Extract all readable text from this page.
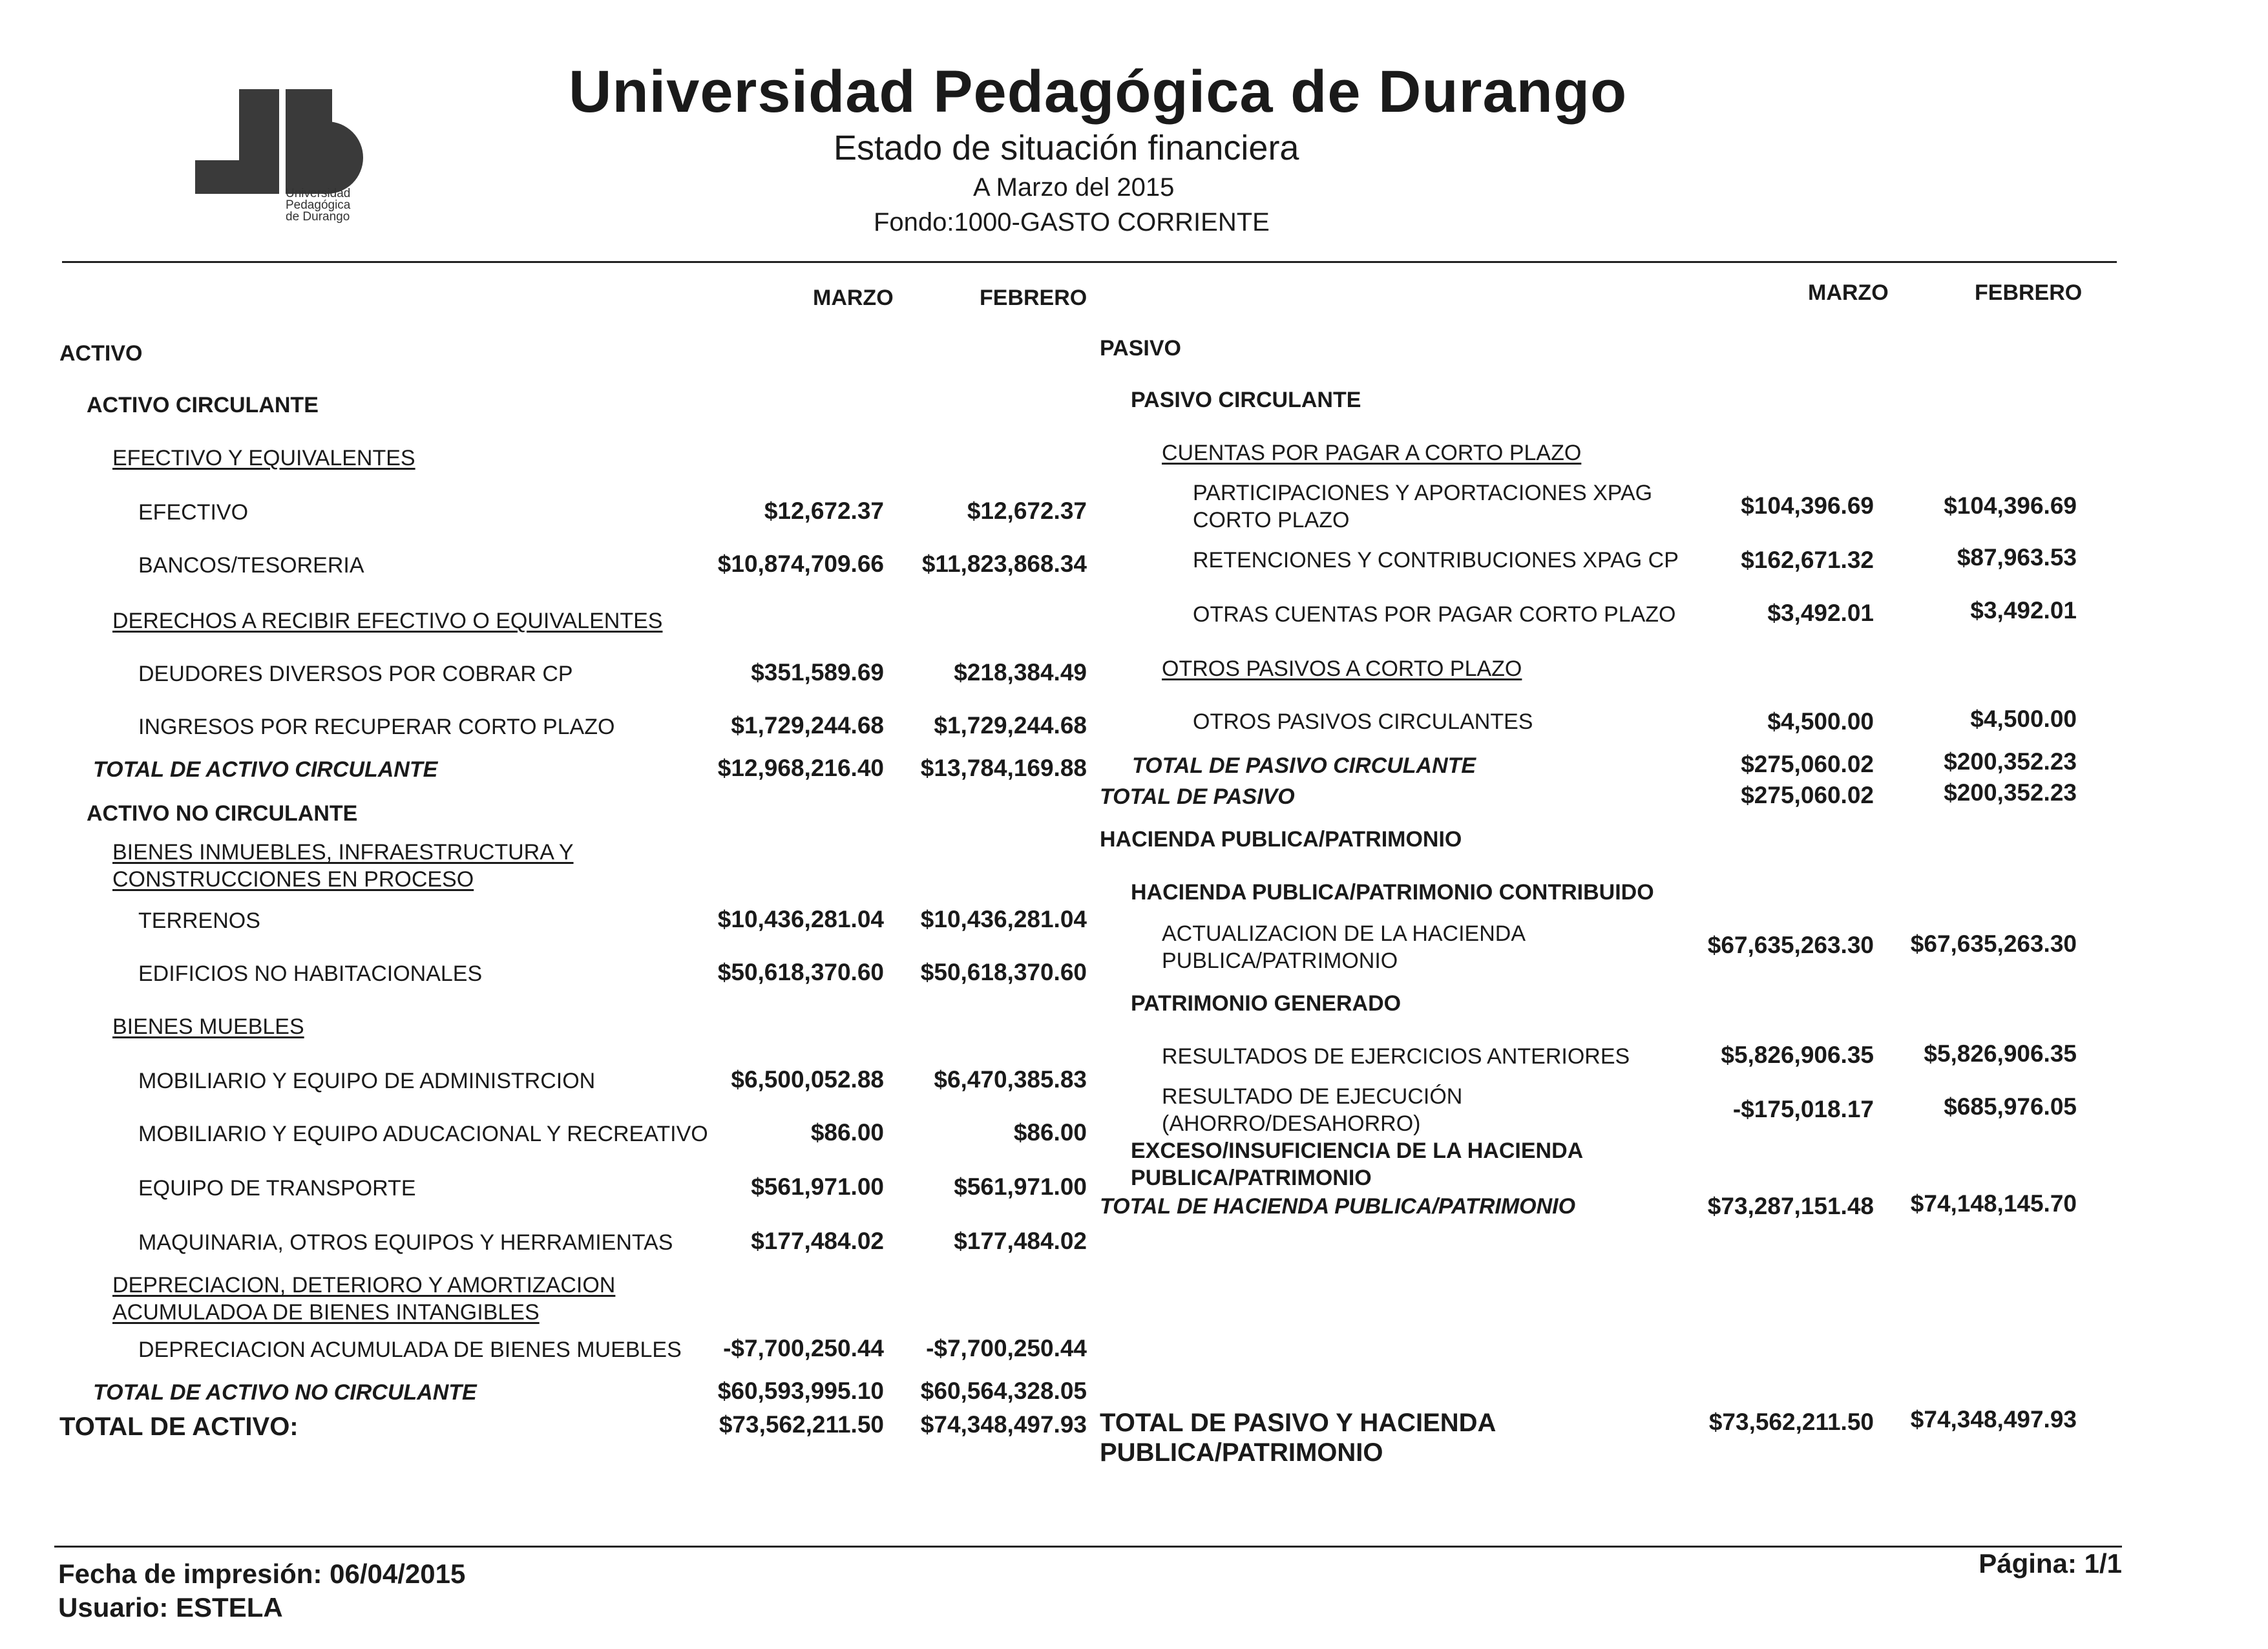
Universidad
Pedagógica
de Durango
Universidad Pedagógica de Durango
Estado de situación financiera
A Marzo del 2015
Fondo:1000-GASTO CORRIENTE
MARZO	FEBRERO	MARZO	FEBRERO
ACTIVO
ACTIVO CIRCULANTE
EFECTIVO Y EQUIVALENTES
EFECTIVO	$12,672.37	$12,672.37
BANCOS/TESORERIA	$10,874,709.66 $11,823,868.34
DERECHOS A RECIBIR EFECTIVO O EQUIVALENTES
DEUDORES DIVERSOS POR COBRAR CP	$351,589.69	$218,384.49
INGRESOS POR RECUPERAR CORTO PLAZO	$1,729,244.68 $1,729,244.68
TOTAL DE ACTIVO CIRCULANTE	$12,968,216.40 $13,784,169.88
ACTIVO NO CIRCULANTE
BIENES INMUEBLES, INFRAESTRUCTURA Y
CONSTRUCCIONES EN PROCESO
TERRENOS	$10,436,281.04 $10,436,281.04
EDIFICIOS NO HABITACIONALES	$50,618,370.60 $50,618,370.60
BIENES MUEBLES
MOBILIARIO Y EQUIPO DE ADMINISTRCION	$6,500,052.88 $6,470,385.83
MOBILIARIO Y EQUIPO ADUCACIONAL Y RECREATIVO	$86.00	$86.00
EQUIPO DE TRANSPORTE	$561,971.00	$561,971.00
MAQUINARIA, OTROS EQUIPOS Y HERRAMIENTAS	$177,484.02	$177,484.02
DEPRECIACION, DETERIORO Y AMORTIZACION
ACUMULADOA DE BIENES INTANGIBLES
DEPRECIACION ACUMULADA DE BIENES MUEBLES -$7,700,250.44 -$7,700,250.44
TOTAL DE ACTIVO NO CIRCULANTE	$60,593,995.10 $60,564,328.05
TOTAL DE ACTIVO:	$73,562,211.50 $74,348,497.93
PASIVO
PASIVO CIRCULANTE
CUENTAS POR PAGAR A CORTO PLAZO
PARTICIPACIONES Y APORTACIONES XPAG
CORTO PLAZO
$104,396.69	$104,396.69
RETENCIONES Y CONTRIBUCIONES XPAG CP	$162,671.32	$87,963.53
OTRAS CUENTAS POR PAGAR CORTO PLAZO	$3,492.01	$3,492.01
OTROS PASIVOS A CORTO PLAZO
OTROS PASIVOS CIRCULANTES	$4,500.00	$4,500.00
TOTAL DE PASIVO CIRCULANTE	$275,060.02	$200,352.23
TOTAL DE PASIVO	$275,060.02	$200,352.23
HACIENDA PUBLICA/PATRIMONIO
HACIENDA PUBLICA/PATRIMONIO CONTRIBUIDO
ACTUALIZACION DE LA HACIENDA
PUBLICA/PATRIMONIO
$67,635,263.30 $67,635,263.30
PATRIMONIO GENERADO
RESULTADOS DE EJERCICIOS ANTERIORES	$5,826,906.35 $5,826,906.35
RESULTADO DE EJECUCIÓN
(AHORRO/DESAHORRO)
-$175,018.17	$685,976.05
EXCESO/INSUFICIENCIA DE LA HACIENDA
PUBLICA/PATRIMONIO
TOTAL DE HACIENDA PUBLICA/PATRIMONIO	$73,287,151.48 $74,148,145.70
TOTAL DE PASIVO Y HACIENDA
PUBLICA/PATRIMONIO
$73,562,211.50 $74,348,497.93
Fecha de impresión: 06/04/2015
Usuario: ESTELA
Página: 1/1
